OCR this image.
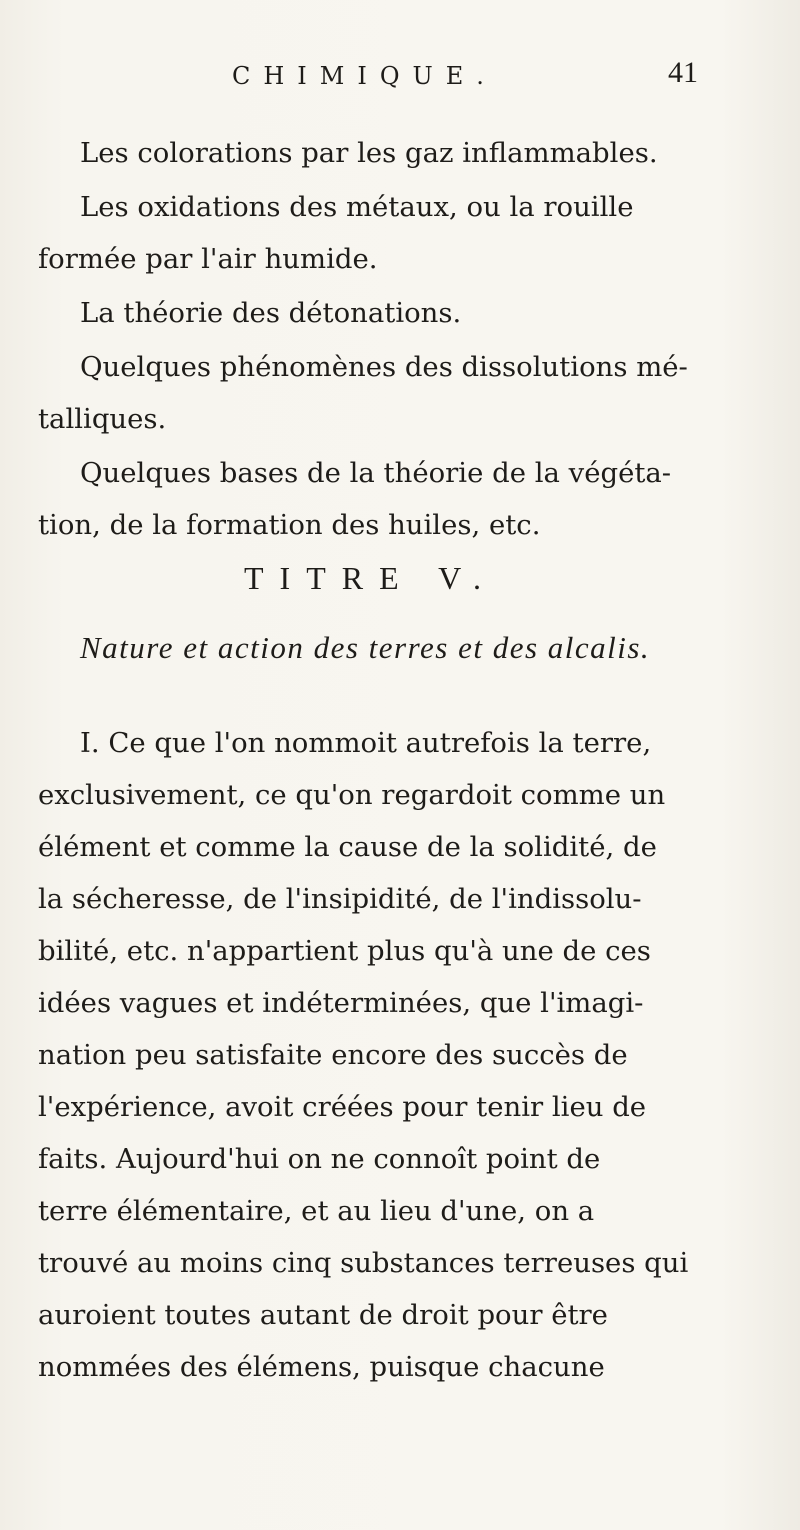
CHIMIQUE.	41
Les colorations par les gaz inflammables.
Les oxidations des métaux, ou la rouille
formée par l'air humide.
La théorie des détonations.
Quelques phénomènes des dissolutions mé-
talliques.
Quelques bases de la théorie de la végéta-
tion, de la formation des huiles, etc.
TITRE V.
Nature et action des terres et des alcalis.
I. Ce que l'on nommoit autrefois la terre,
exclusivement, ce qu'on regardoit comme un
élément et comme la cause de la solidité, de
la sécheresse, de l'insipidité, de l'indissolu-
bilité, etc. n'appartient plus qu'à une de ces
idées vagues et indéterminées, que l'imagi-
nation peu satisfaite encore des succès de
l'expérience, avoit créées pour tenir lieu de
faits. Aujourd'hui on ne connoît point de
terre élémentaire, et au lieu d'une, on a
trouvé au moins cinq substances terreuses qui
auroient toutes autant de droit pour être
nommées des élémens, puisque chacune
